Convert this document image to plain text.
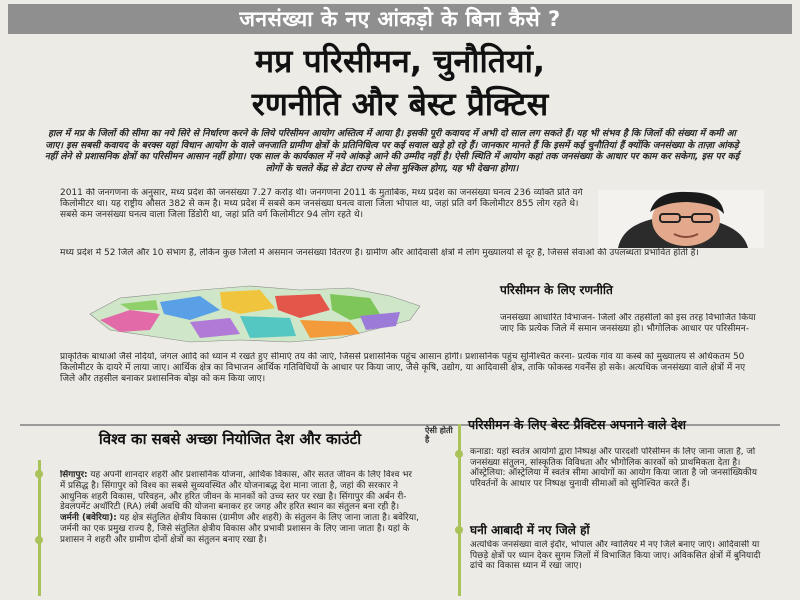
जनसंख्या के नए आंकड़ो के बिना कैसे ?
मप्र परिसीमन, चुनौतियां,
रणनीति और बेस्ट प्रैक्टिस
हाल में मप्र के जिलों की सीमा का नये सिरे से निर्धारण करने के लिये परिसीमन आयोग अस्तित्व में आया है। इसकी पूरी कवायद में अभी दो साल लग सकते हैं। यह भी संभव है कि जिलों की संख्या में कमी आ जाए। इस सबसी कवायद के बरक्स यहां विधान आयोग के वाले जनजाति ग्रामीण क्षेत्रों के प्रतिनिधित्व पर कई सवाल खड़े हो रहे हैं। जानकार मानते हैं कि इसमें कई चुनौतियां हैं क्योंकि जनसंख्या के ताज़ा आंकड़े नहीं लेने से प्रशासनिक क्षेत्रों का परिसीमन आसान नहीं होगा। एक साल के कार्यकाल में नये आंकड़े आने की उम्मीद नहीं है। ऐसी स्थिति में आयोग कहां तक जनसंख्या के आधार पर काम कर सकेगा, इस पर कई लोगों के चलते केंद्र से डेटा राज्य से लेना मुश्किल होगा, यह भी देखना होगा।
2011 की जनगणना के अनुसार, मध्य प्रदेश की जनसंख्या 7.27 करोड़ थी। जनगणना 2011 के मुताबिक, मध्य प्रदेश का जनसंख्या घनत्व 236 व्यक्ति प्रति वर्ग किलोमीटर था। यह राष्ट्रीय औसत 382 से कम है। मध्य प्रदेश में सबसे कम जनसंख्या घनत्व वाला जिला भोपाल था, जहां प्रति वर्ग किलोमीटर 855 लोग रहते थे। सबसे कम जनसंख्या घनत्व वाला जिला डिंडोरी था, जहां प्रति वर्ग किलोमीटर 94 लोग रहते थे।
मध्य प्रदेश में 52 जिले और 10 संभाग हैं, लेकिन कुछ जिलों में असमान जनसंख्या वितरण है। ग्रामीण और आदिवासी क्षेत्रों में लोग मुख्यालयों से दूर हैं, जिससे सेवाओं की उपलब्धता प्रभावित होती है।
परिसीमन के लिए रणनीति
जनसंख्या आधारित विभाजन- जिलों और तहसीलों को इस तरह विभाजित किया जाए कि प्रत्येक जिले में समान जनसंख्या हो। भौगोलिक आधार पर परिसीमन-
प्राकृतिक बाधाओं जैसे नदियों, जंगल आदि को ध्यान में रखते हुए सीमाएं तय की जाएं, जिससे प्रशासनिक पहुंच आसान होगी। प्रशासनिक पहुंच सुनिश्चित करना- प्रत्येक गांव या कस्बे को मुख्यालय से अधिकतम 50 किलोमीटर के दायरे में लाया जाए। आर्थिक क्षेत्र का विभाजन आर्थिक गतिविधियों के आधार पर किया जाए, जैसे कृषि, उद्योग, या आदिवासी क्षेत्र, ताकि फोकस्ड गवर्नेंस हो सके। अत्यधिक जनसंख्या वाले क्षेत्रों में नए जिले और तहसील बनाकर प्रशासनिक बोझ को कम किया जाए।
विश्व का सबसे अच्छा नियोजित देश और काउंटी
सिंगापुर: यह अपनी शानदार शहरी और प्रशासनिक योजना, आर्थिक विकास, और सतत जीवन के लिए विश्व भर में प्रसिद्ध है। सिंगापुर को विश्व का सबसे सुव्यवस्थित और योजनाबद्ध देश माना जाता है, जहां की सरकार ने आधुनिक शहरी विकास, परिवहन, और हरित जीवन के मानकों को उच्च स्तर पर रखा है। सिंगापुर की अर्बन री-डेवलपमेंट अथॉरिटी (RA) लंबी अवधि की योजना बनाकर हर जगह और हरित स्थान का संतुलन बना रही है।
जर्मनी (बवेरिया): यह क्षेत्र संतुलित क्षेत्रीय विकास (ग्रामीण और शहरी) के संतुलन के लिए जाना जाता है। बवेरिया, जर्मनी का एक प्रमुख राज्य है, जिसे संतुलित क्षेत्रीय विकास और प्रभावी प्रशासन के लिए जाना जाता है। यहां के प्रशासन ने शहरी और ग्रामीण दोनों क्षेत्रों का संतुलन बनाए रखा है।
ऐसी होती है
परिसीमन के लिए बेस्ट प्रैक्टिस अपनाने वाले देश
कनाडा: यहां स्वतंत्र आयोगों द्वारा निष्पक्ष और पारदर्शी परिसीमन के लिए जाना जाता है, जो जनसंख्या संतुलन, सांस्कृतिक विविधता और भौगोलिक कारकों को प्राथमिकता देता है। ऑस्ट्रेलिया: ऑस्ट्रेलिया में स्वतंत्र सीमा आयोगों का आयोग किया जाता है जो जनसांख्यिकीय परिवर्तनों के आधार पर निष्पक्ष चुनावी सीमाओं को सुनिश्चित करते हैं।
घनी आबादी में नए जिले हों
अत्यधिक जनसंख्या वाले इंदौर, भोपाल और ग्वालियर में नए जिले बनाए जाएं। आदिवासी या पिछड़े क्षेत्रों पर ध्यान देकर सुगम जिलों में विभाजित किया जाए। अविकसित क्षेत्रों में बुनियादी ढांचे का विकास ध्यान में रखा जाए।
